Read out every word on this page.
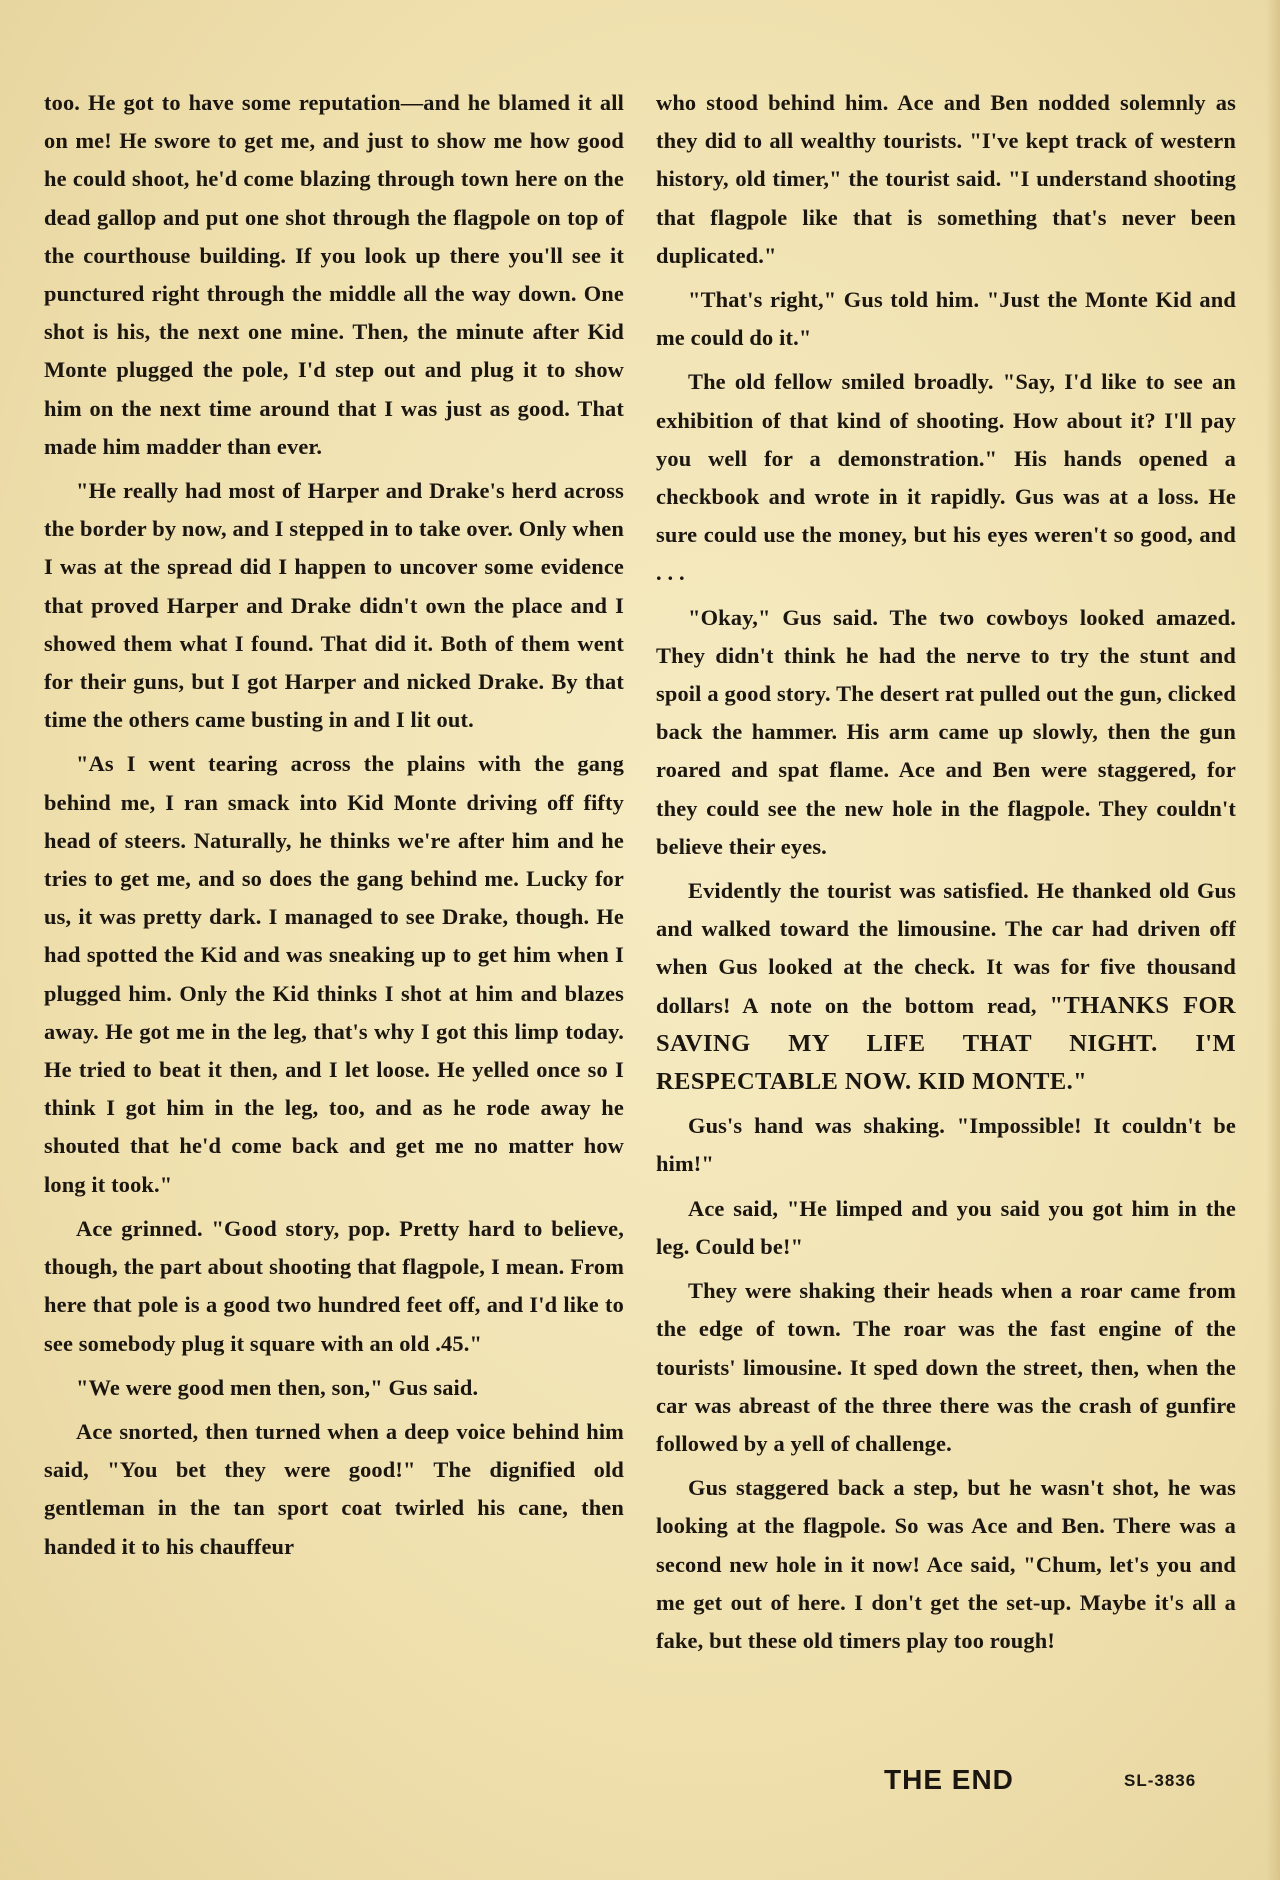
too. He got to have some reputation—and he blamed it all on me! He swore to get me, and just to show me how good he could shoot, he'd come blazing through town here on the dead gallop and put one shot through the flagpole on top of the courthouse building. If you look up there you'll see it punctured right through the middle all the way down. One shot is his, the next one mine. Then, the minute after Kid Monte plugged the pole, I'd step out and plug it to show him on the next time around that I was just as good. That made him madder than ever.

"He really had most of Harper and Drake's herd across the border by now, and I stepped in to take over. Only when I was at the spread did I happen to uncover some evidence that proved Harper and Drake didn't own the place and I showed them what I found. That did it. Both of them went for their guns, but I got Harper and nicked Drake. By that time the others came busting in and I lit out.

"As I went tearing across the plains with the gang behind me, I ran smack into Kid Monte driving off fifty head of steers. Naturally, he thinks we're after him and he tries to get me, and so does the gang behind me. Lucky for us, it was pretty dark. I managed to see Drake, though. He had spotted the Kid and was sneaking up to get him when I plugged him. Only the Kid thinks I shot at him and blazes away. He got me in the leg, that's why I got this limp today. He tried to beat it then, and I let loose. He yelled once so I think I got him in the leg, too, and as he rode away he shouted that he'd come back and get me no matter how long it took."

Ace grinned. "Good story, pop. Pretty hard to believe, though, the part about shooting that flagpole, I mean. From here that pole is a good two hundred feet off, and I'd like to see somebody plug it square with an old .45."

"We were good men then, son," Gus said.

Ace snorted, then turned when a deep voice behind him said, "You bet they were good!" The dignified old gentleman in the tan sport coat twirled his cane, then handed it to his chauffeur

who stood behind him. Ace and Ben nodded solemnly as they did to all wealthy tourists. "I've kept track of western history, old timer," the tourist said. "I understand shooting that flagpole like that is something that's never been duplicated."

"That's right," Gus told him. "Just the Monte Kid and me could do it."

The old fellow smiled broadly. "Say, I'd like to see an exhibition of that kind of shooting. How about it? I'll pay you well for a demonstration." His hands opened a checkbook and wrote in it rapidly. Gus was at a loss. He sure could use the money, but his eyes weren't so good, and . . .

"Okay," Gus said. The two cowboys looked amazed. They didn't think he had the nerve to try the stunt and spoil a good story. The desert rat pulled out the gun, clicked back the hammer. His arm came up slowly, then the gun roared and spat flame. Ace and Ben were staggered, for they could see the new hole in the flagpole. They couldn't believe their eyes.

Evidently the tourist was satisfied. He thanked old Gus and walked toward the limousine. The car had driven off when Gus looked at the check. It was for five thousand dollars! A note on the bottom read, "THANKS FOR SAVING MY LIFE THAT NIGHT. I'M RESPECTABLE NOW. KID MONTE."

Gus's hand was shaking. "Impossible! It couldn't be him!"

Ace said, "He limped and you said you got him in the leg. Could be!"

They were shaking their heads when a roar came from the edge of town. The roar was the fast engine of the tourists' limousine. It sped down the street, then, when the car was abreast of the three there was the crash of gunfire followed by a yell of challenge.

Gus staggered back a step, but he wasn't shot, he was looking at the flagpole. So was Ace and Ben. There was a second new hole in it now! Ace said, "Chum, let's you and me get out of here. I don't get the set-up. Maybe it's all a fake, but these old timers play too rough!

THE END	SL-3836
